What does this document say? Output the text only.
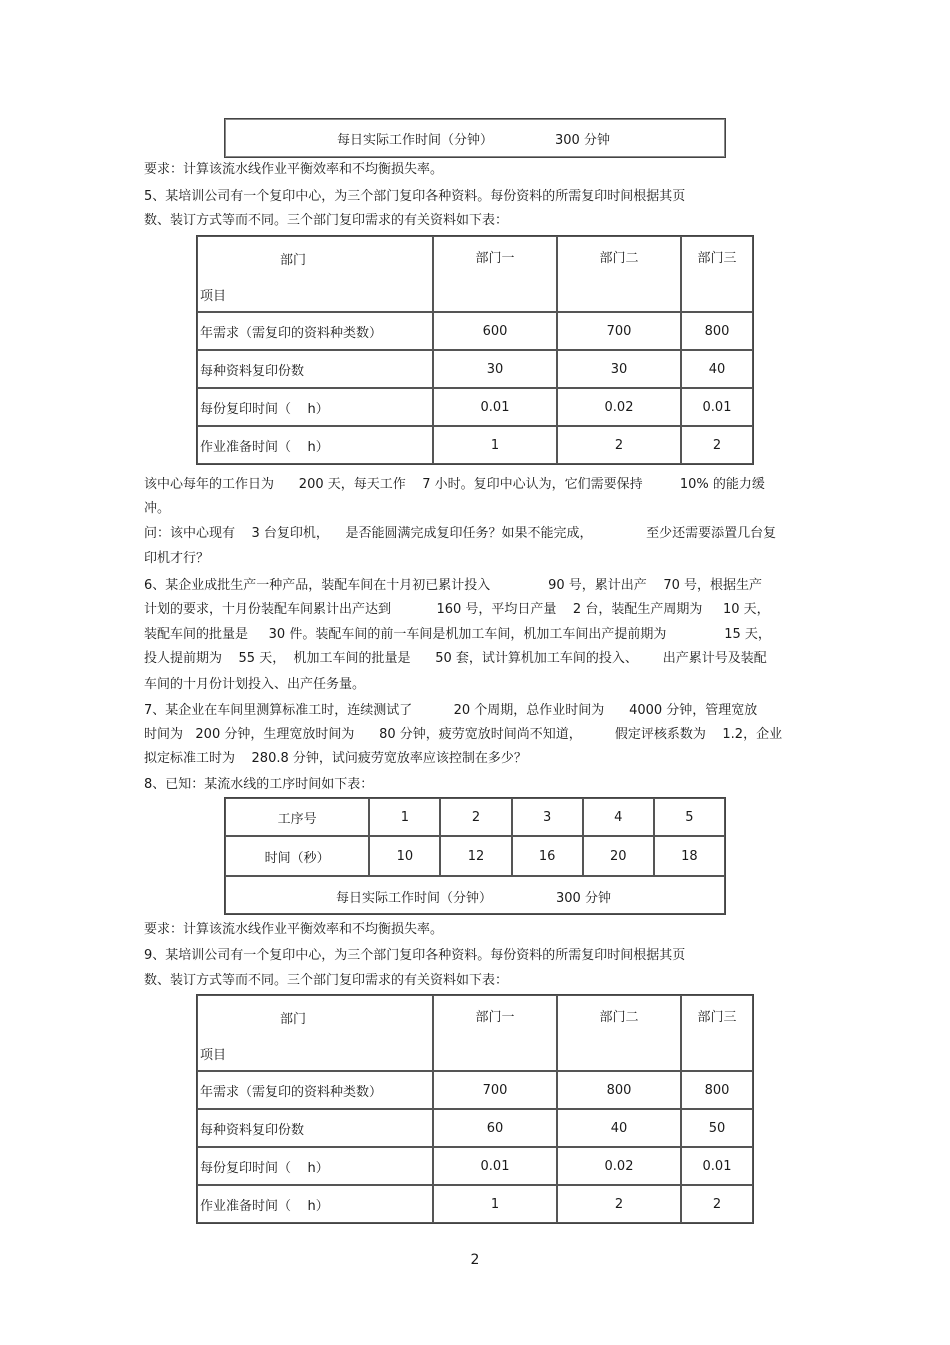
每日实际工作时间（分钟）	300 分钟
要求：计算该流水线作业平衡效率和不均衡损失率。
5、某培训公司有一个复印中心，为三个部门复印各种资料。每份资料的所需复印时间根据其页
数、装订方式等而不同。三个部门复印需求的有关资料如下表：
部门
项目	部门一	部门二	部门三
年需求（需复印的资料种类数）	600	700	800
每种资料复印份数	30	30	40
每份复印时间（    h）	0.01	0.02	0.01
作业准备时间（    h）	1	2	2
该中心每年的工作日为      200 天，每天工作    7 小时。复印中心认为，它们需要保持         10% 的能力缓
冲。
问：该中心现有    3 台复印机，    是否能圆满完成复印任务？如果不能完成，             至少还需要添置几台复
印机才行？
6、某企业成批生产一种产品，装配车间在十月初已累计投入              90 号，累计出产    70 号，根据生产
计划的要求，十月份装配车间累计出产达到           160 号，平均日产量    2 台，装配生产周期为     10 天，
装配车间的批量是     30 件。装配车间的前一车间是机加工车间，机加工车间出产提前期为              15 天，
投人提前期为    55 天，  机加工车间的批量是      50 套，试计算机加工车间的投入、      出产累计号及装配
车间的十月份计划投入、出产任务量。
7、某企业在车间里测算标准工时，连续测试了          20 个周期，总作业时间为      4000 分钟，管理宽放
时间为   200 分钟，生理宽放时间为      80 分钟，疲劳宽放时间尚不知道，        假定评核系数为    1.2，企业
拟定标准工时为    280.8 分钟，试问疲劳宽放率应该控制在多少？
8、已知：某流水线的工序时间如下表：
工序号	1	2	3	4	5
时间（秒）	10	12	16	20	18

每日实际工作时间（分钟） 300 分钟					
要求：计算该流水线作业平衡效率和不均衡损失率。
9、某培训公司有一个复印中心，为三个部门复印各种资料。每份资料的所需复印时间根据其页
数、装订方式等而不同。三个部门复印需求的有关资料如下表：
部门
项目	部门一	部门二	部门三
年需求（需复印的资料种类数）	700	800	800
每种资料复印份数	60	40	50
每份复印时间（    h）	0.01	0.02	0.01
作业准备时间（    h）	1	2	2
2
